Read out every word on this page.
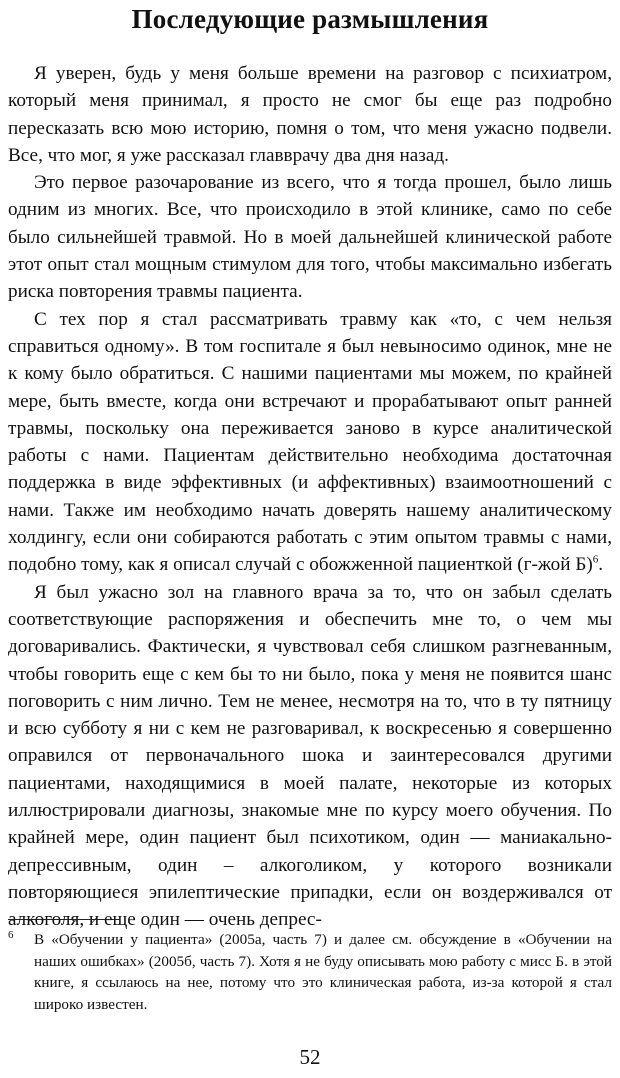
Последующие размышления

Я уверен, будь у меня больше времени на разговор с психиатром, который меня принимал, я просто не смог бы еще раз подробно пересказать всю мою историю, помня о том, что меня ужасно подвели. Все, что мог, я уже рассказал главврачу два дня назад.

Это первое разочарование из всего, что я тогда прошел, было лишь одним из многих. Все, что происходило в этой клинике, само по себе было сильнейшей травмой. Но в моей дальнейшей клинической работе этот опыт стал мощным стимулом для того, чтобы максимально избегать риска повторения травмы пациента.

С тех пор я стал рассматривать травму как «то, с чем нельзя справиться одному». В том госпитале я был невыносимо одинок, мне не к кому было обратиться. С нашими пациентами мы можем, по крайней мере, быть вместе, когда они встречают и прорабатывают опыт ранней травмы, поскольку она переживается заново в курсе аналитической работы с нами. Пациентам действительно необходима достаточная поддержка в виде эффективных (и аффективных) взаимоотношений с нами. Также им необходимо начать доверять нашему аналитическому холдингу, если они собираются работать с этим опытом травмы с нами, подобно тому, как я описал случай с обожженной пациенткой (г-жой Б)$^6$.

Я был ужасно зол на главного врача за то, что он забыл сделать соответствующие распоряжения и обеспечить мне то, о чем мы договаривались. Фактически, я чувствовал себя слишком разгневанным, чтобы говорить еще с кем бы то ни было, пока у меня не появится шанс поговорить с ним лично. Тем не менее, несмотря на то, что в ту пятницу и всю субботу я ни с кем не разговаривал, к воскресенью я совершенно оправился от первоначального шока и заинтересовался другими пациентами, находящимися в моей палате, некоторые из которых иллюстрировали диагнозы, знакомые мне по курсу моего обучения. По крайней мере, один пациент был психотиком, один — маниакально-депрессивным, один – алкоголиком, у которого возникали повторяющиеся эпилептические припадки, если он воздерживался от алкоголя, и еще один — очень депрес-

6 В «Обучении у пациента» (2005а, часть 7) и далее см. обсуждение в «Обучении на наших ошибках» (2005б, часть 7). Хотя я не буду описывать мою работу с мисс Б. в этой книге, я ссылаюсь на нее, потому что это клиническая работа, из-за которой я стал широко известен.
52
